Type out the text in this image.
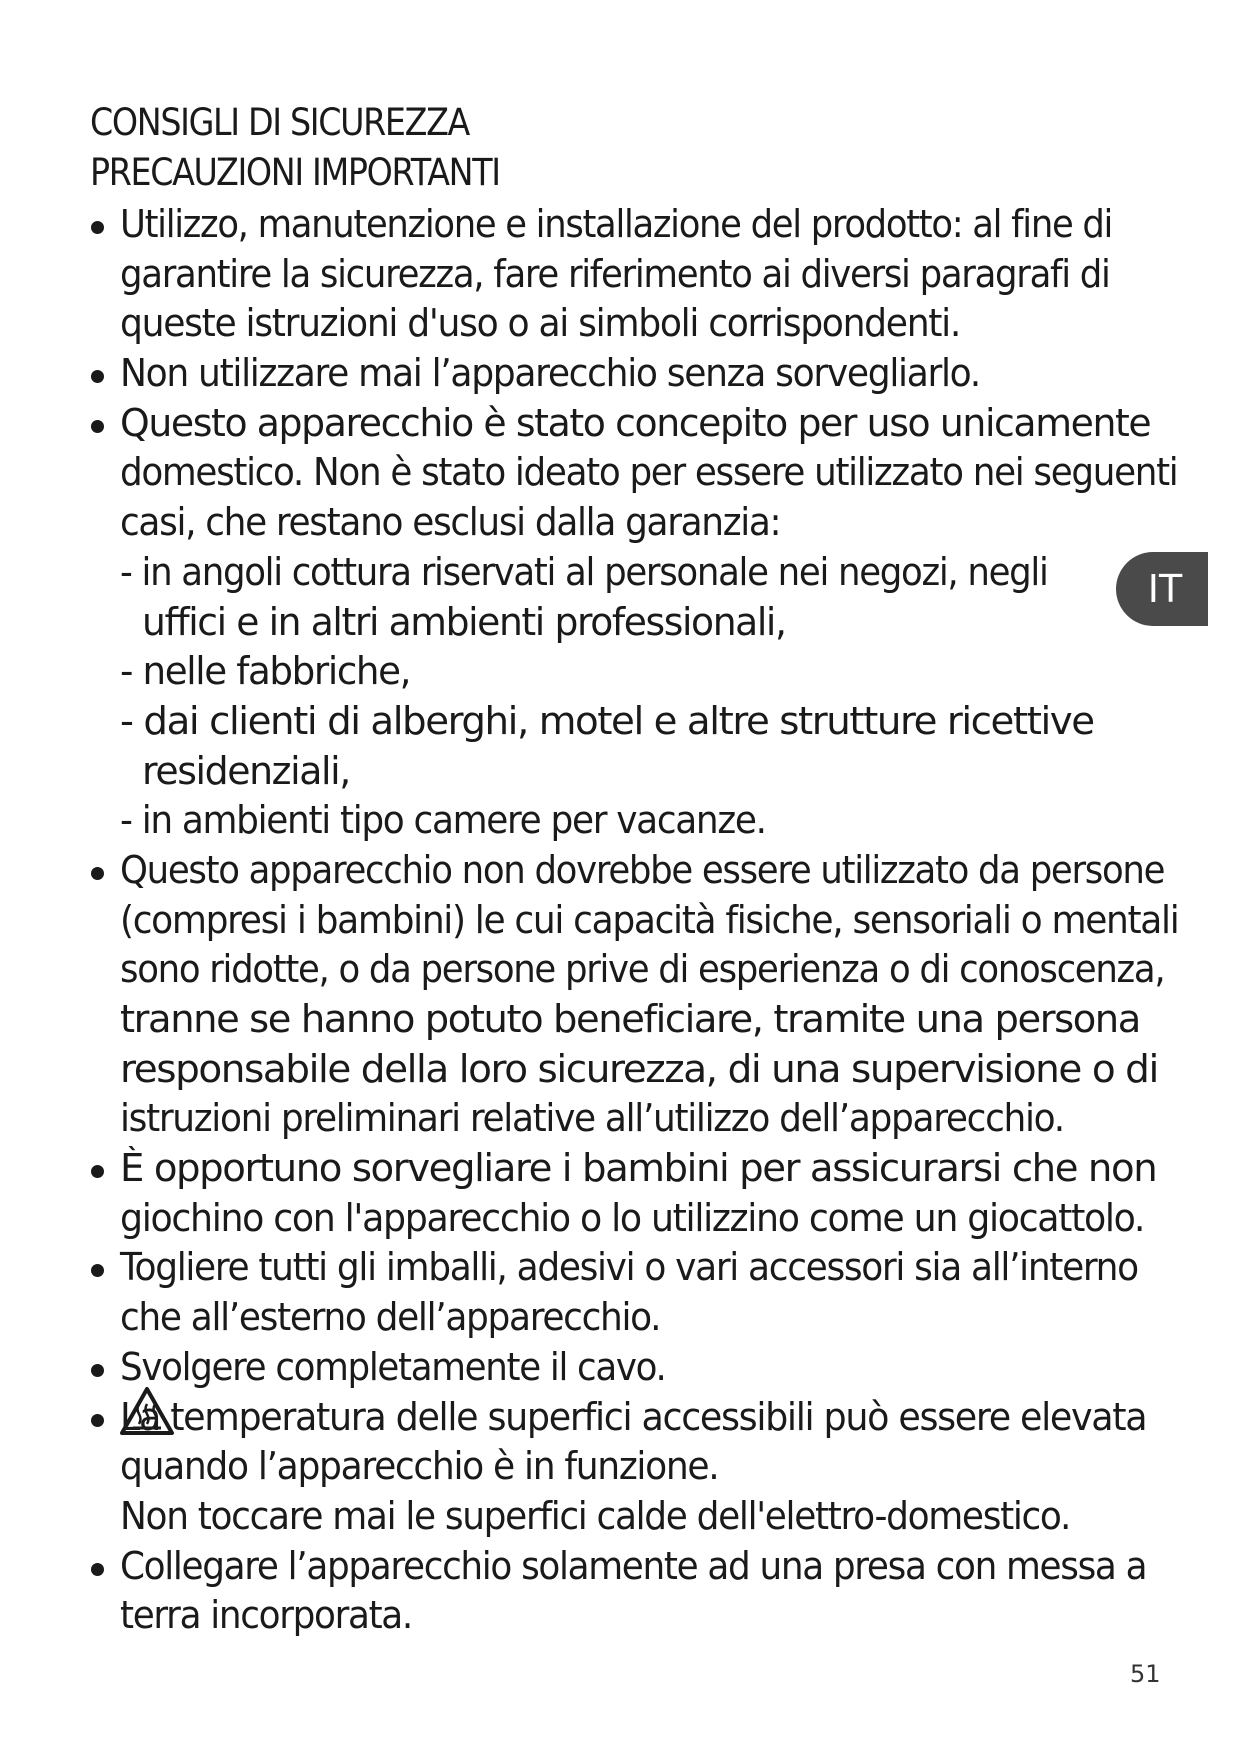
CONSIGLI DI SICUREZZA
PRECAUZIONI IMPORTANTI
Utilizzo, manutenzione e installazione del prodotto: al fine di
garantire la sicurezza, fare riferimento ai diversi paragrafi di
queste istruzioni d'uso o ai simboli corrispondenti.
Non utilizzare mai l’apparecchio senza sorvegliarlo.
Questo apparecchio è stato concepito per uso unicamente
domestico. Non è stato ideato per essere utilizzato nei seguenti
casi, che restano esclusi dalla garanzia:
- in angoli cottura riservati al personale nei negozi, negli
uffici e in altri ambienti professionali,
- nelle fabbriche,
- dai clienti di alberghi, motel e altre strutture ricettive
residenziali,
- in ambienti tipo camere per vacanze.
Questo apparecchio non dovrebbe essere utilizzato da persone
(compresi i bambini) le cui capacità fisiche, sensoriali o mentali
sono ridotte, o da persone prive di esperienza o di conoscenza,
tranne se hanno potuto beneficiare, tramite una persona
responsabile della loro sicurezza, di una supervisione o di
istruzioni preliminari relative all’utilizzo dell’apparecchio.
È opportuno sorvegliare i bambini per assicurarsi che non
giochino con l'apparecchio o lo utilizzino come un giocattolo.
Togliere tutti gli imballi, adesivi o vari accessori sia all’interno
che all’esterno dell’apparecchio.
Svolgere completamente il cavo.
La temperatura delle superfici accessibili può essere elevata
quando l’apparecchio è in funzione.
Non toccare mai le superfici calde dell'elettro-domestico.
Collegare l’apparecchio solamente ad una presa con messa a
terra incorporata.
IT
51
